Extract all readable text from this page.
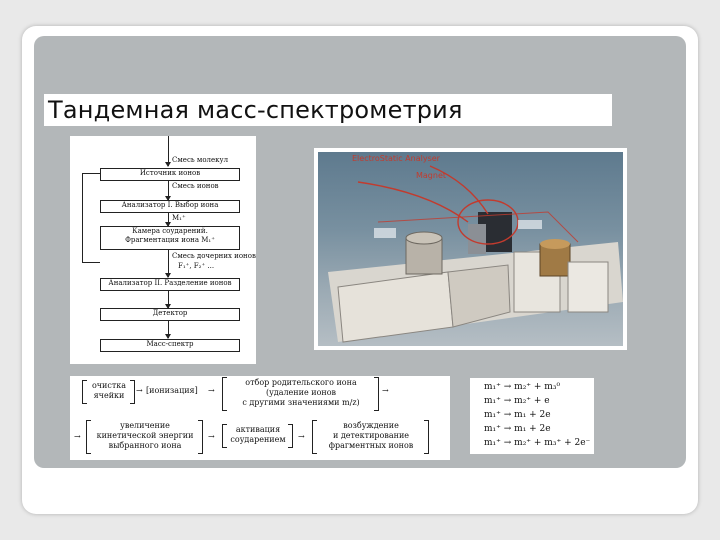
Тандемная масс-спектрометрия
Смесь молекул
Источник ионов
Смесь ионов
Анализатор I. Выбор иона
M₁⁺
Камера соударений.
Фрагментация иона M₁⁺
Смесь дочерних ионов
F₁⁺, F₂⁺ ...
Анализатор II. Разделение ионов
Детектор
Масс-спектр
ElectroStatic Analyser
Magnet
очистка
ячейки
→ [ионизация] →
отбор родительского иона
(удаление ионов
с другими значениями m/z)
→
→
увеличение
кинетической энергии
выбранного иона
→
активация
соударением	→
возбуждение
и детектирование
фрагментных ионов
m₁⁺ → m₂⁺ + m₃⁰
m₁⁺ → m₂⁺ + e
m₁⁺ → m₁ + 2e
m₁⁺ → m₁ + 2e
m₁⁺ → m₂⁺ + m₃⁺ + 2e⁻
